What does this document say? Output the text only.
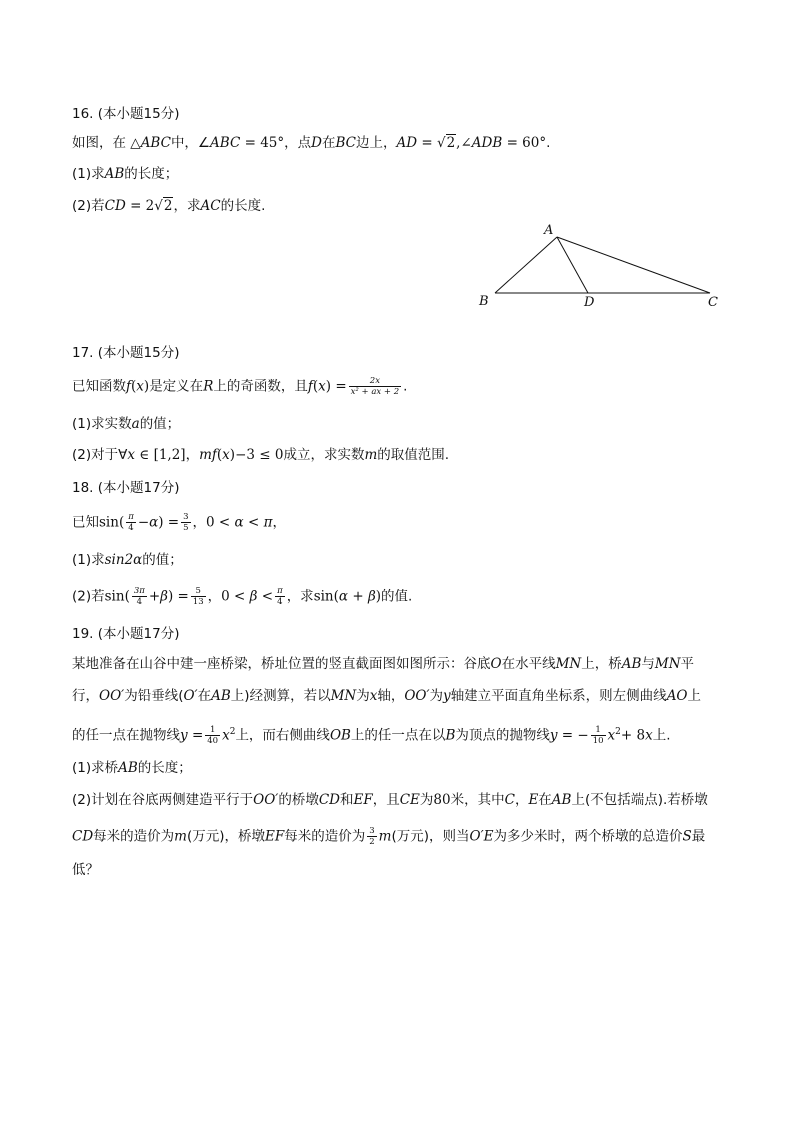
16. (本小题15分)
如图，在 △ABC中，∠ABC = 45°，点D在BC边上，AD = √2,∠ADB = 60°.
(1)求AB的长度；
(2)若CD = 2√2，求AC的长度.
A
B	D	C
17. (本小题15分)
已知函数f(x)是定义在R上的奇函数，且$f(x) = \frac{2x}{\text{x² + ax + 2}}$ .
(1)求实数a的值；
(2)对于∀x ∈ [1,2]，mf(x)−3 ≤ 0成立，求实数m的取值范围.
18. (本小题17分)
已知$\sin( \frac{\pi}{4} -\alpha) = \frac{3}{5}$ ，0 < α < π，
(1)求sin2α的值；
(2)若$\sin( \frac{3\pi}{4} +\beta) = \frac{5}{13}$ ，$0 < \beta < \frac{\pi}{4}$ ，求sin(α + β)的值.
19. (本小题17分)
某地准备在山谷中建一座桥梁，桥址位置的竖直截面图如图所示：谷底O在水平线MN上，桥AB与MN平
行，OO′为铅垂线(O′在AB上)经测算，若以MN为x轴，OO′为y轴建立平面直角坐标系，则左侧曲线AO上
的任一点在抛物线$y = \frac{1}{40} x^2$上，而右侧曲线OB上的任一点在以B为顶点的抛物线y = − $\frac{1}{10} x^2+ 8x$上.
(1)求桥AB的长度；
(2)计划在谷底两侧建造平行于OO′的桥墩CD和EF，且CE为80米，其中C，E在AB上(不包括端点).若桥墩
CD每米的造价为m(万元)，桥墩EF每米的造价为 $\frac{3}{2} m$(万元)，则当O′E为多少米时，两个桥墩的总造价S最
低？
